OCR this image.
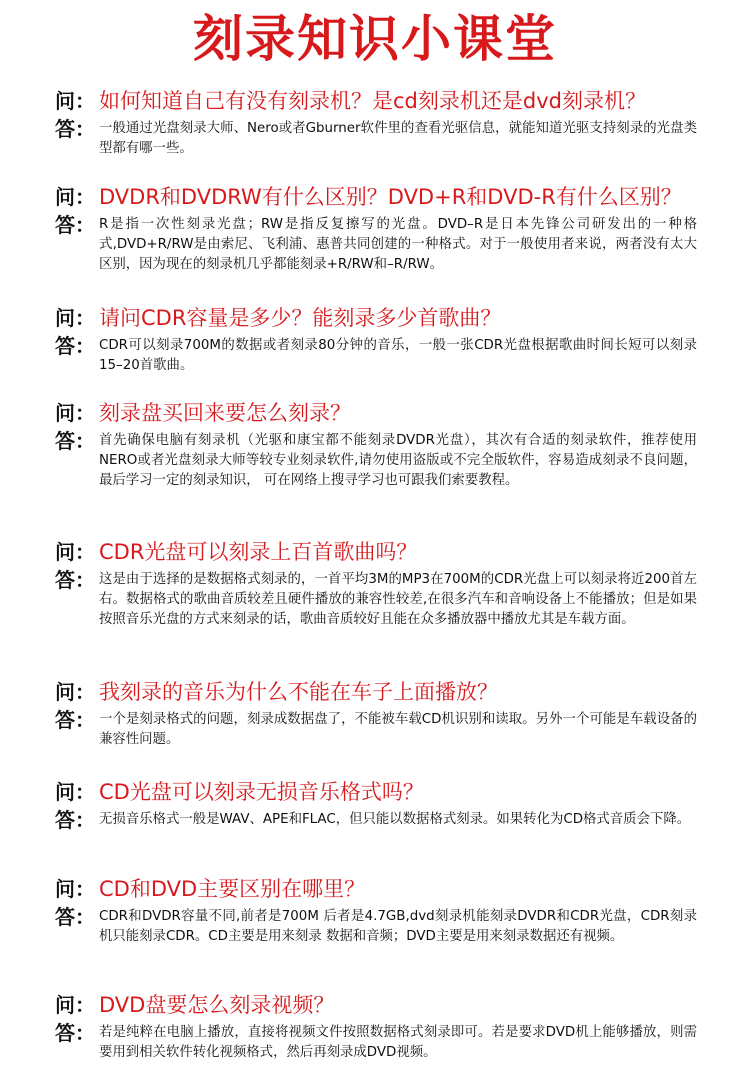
刻录知识小课堂
问： 如何知道自己有没有刻录机？是cd刻录机还是dvd刻录机？
答： 一般通过光盘刻录大师、Nero或者Gburner软件里的查看光驱信息，就能知道光驱支持刻录的光盘类型都有哪一些。
问： DVDR和DVDRW有什么区别？DVD+R和DVD-R有什么区别？
答： R是指一次性刻录光盘；RW是指反复擦写的光盘。DVD–R是日本先锋公司研发出的一种格式,DVD+R/RW是由索尼、飞利浦、惠普共同创建的一种格式。对于一般使用者来说，两者没有太大区别，因为现在的刻录机几乎都能刻录+R/RW和–R/RW。
问： 请问CDR容量是多少？能刻录多少首歌曲？
答： CDR可以刻录700M的数据或者刻录80分钟的音乐，一般一张CDR光盘根据歌曲时间长短可以刻录15–20首歌曲。
问： 刻录盘买回来要怎么刻录？
答： 首先确保电脑有刻录机（光驱和康宝都不能刻录DVDR光盘），其次有合适的刻录软件，推荐使用NERO或者光盘刻录大师等较专业刻录软件,请勿使用盗版或不完全版软件，容易造成刻录不良问题，最后学习一定的刻录知识， 可在网络上搜寻学习也可跟我们索要教程。
问： CDR光盘可以刻录上百首歌曲吗？
答： 这是由于选择的是数据格式刻录的，一首平均3M的MP3在700M的CDR光盘上可以刻录将近200首左右。数据格式的歌曲音质较差且硬件播放的兼容性较差,在很多汽车和音响设备上不能播放；但是如果按照音乐光盘的方式来刻录的话，歌曲音质较好且能在众多播放器中播放尤其是车载方面。
问： 我刻录的音乐为什么不能在车子上面播放？
答： 一个是刻录格式的问题，刻录成数据盘了，不能被车载CD机识别和读取。另外一个可能是车载设备的兼容性问题。
问： CD光盘可以刻录无损音乐格式吗？
答： 无损音乐格式一般是WAV、APE和FLAC，但只能以数据格式刻录。如果转化为CD格式音质会下降。
问： CD和DVD主要区别在哪里？
答： CDR和DVDR容量不同,前者是700M 后者是4.7GB,dvd刻录机能刻录DVDR和CDR光盘，CDR刻录机只能刻录CDR。CD主要是用来刻录 数据和音频；DVD主要是用来刻录数据还有视频。
问： DVD盘要怎么刻录视频？
答： 若是纯粹在电脑上播放，直接将视频文件按照数据格式刻录即可。若是要求DVD机上能够播放，则需要用到相关软件转化视频格式，然后再刻录成DVD视频。
